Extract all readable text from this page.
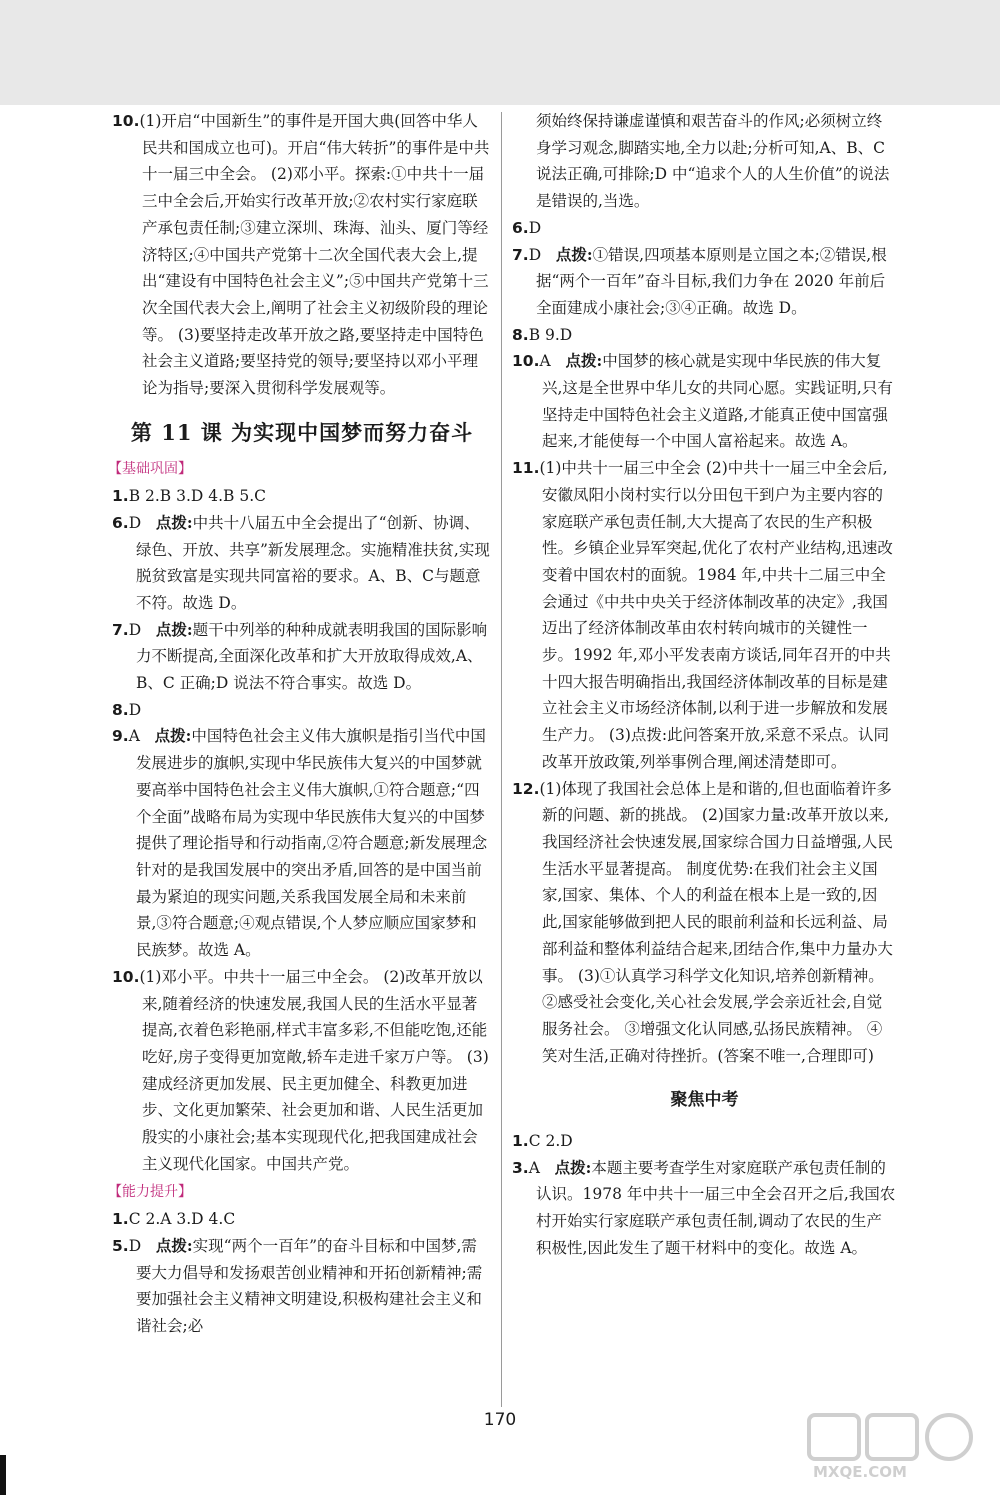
10.(1)开启“中国新生”的事件是开国大典(回答中华人民共和国成立也可)。开启“伟大转折”的事件是中共十一届三中全会。 (2)邓小平。探索:①中共十一届三中全会后,开始实行改革开放;②农村实行家庭联产承包责任制;③建立深圳、珠海、汕头、厦门等经济特区;④中国共产党第十二次全国代表大会上,提出“建设有中国特色社会主义”;⑤中国共产党第十三次全国代表大会上,阐明了社会主义初级阶段的理论等。 (3)要坚持走改革开放之路,要坚持走中国特色社会主义道路;要坚持党的领导;要坚持以邓小平理论为指导;要深入贯彻科学发展观等。

第 11 课 为实现中国梦而努力奋斗
【基础巩固】

1.B 2.B 3.D 4.B 5.C

6.D 点拨:中共十八届五中全会提出了“创新、协调、绿色、开放、共享”新发展理念。实施精准扶贫,实现脱贫致富是实现共同富裕的要求。A、B、C与题意不符。故选 D。

7.D 点拨:题干中列举的种种成就表明我国的国际影响力不断提高,全面深化改革和扩大开放取得成效,A、B、C 正确;D 说法不符合事实。故选 D。

8.D

9.A 点拨:中国特色社会主义伟大旗帜是指引当代中国发展进步的旗帜,实现中华民族伟大复兴的中国梦就要高举中国特色社会主义伟大旗帜,①符合题意;“四个全面”战略布局为实现中华民族伟大复兴的中国梦提供了理论指导和行动指南,②符合题意;新发展理念针对的是我国发展中的突出矛盾,回答的是中国当前最为紧迫的现实问题,关系我国发展全局和未来前景,③符合题意;④观点错误,个人梦应顺应国家梦和民族梦。故选 A。

10.(1)邓小平。中共十一届三中全会。 (2)改革开放以来,随着经济的快速发展,我国人民的生活水平显著提高,衣着色彩艳丽,样式丰富多彩,不但能吃饱,还能吃好,房子变得更加宽敞,轿车走进千家万户等。 (3)建成经济更加发展、民主更加健全、科教更加进步、文化更加繁荣、社会更加和谐、人民生活更加殷实的小康社会;基本实现现代化,把我国建成社会主义现代化国家。中国共产党。

【能力提升】

1.C 2.A 3.D 4.C

5.D 点拨:实现“两个一百年”的奋斗目标和中国梦,需要大力倡导和发扬艰苦创业精神和开拓创新精神;需要加强社会主义精神文明建设,积极构建社会主义和谐社会;必

须始终保持谦虚谨慎和艰苦奋斗的作风;必须树立终身学习观念,脚踏实地,全力以赴;分析可知,A、B、C 说法正确,可排除;D 中“追求个人的人生价值”的说法是错误的,当选。

6.D

7.D 点拨:①错误,四项基本原则是立国之本;②错误,根据“两个一百年”奋斗目标,我们力争在 2020 年前后全面建成小康社会;③④正确。故选 D。

8.B 9.D

10.A 点拨:中国梦的核心就是实现中华民族的伟大复兴,这是全世界中华儿女的共同心愿。实践证明,只有坚持走中国特色社会主义道路,才能真正使中国富强起来,才能使每一个中国人富裕起来。故选 A。

11.(1)中共十一届三中全会 (2)中共十一届三中全会后,安徽凤阳小岗村实行以分田包干到户为主要内容的家庭联产承包责任制,大大提高了农民的生产积极性。乡镇企业异军突起,优化了农村产业结构,迅速改变着中国农村的面貌。1984 年,中共十二届三中全会通过《中共中央关于经济体制改革的决定》,我国迈出了经济体制改革由农村转向城市的关键性一步。1992 年,邓小平发表南方谈话,同年召开的中共十四大报告明确指出,我国经济体制改革的目标是建立社会主义市场经济体制,以利于进一步解放和发展生产力。 (3)点拨:此问答案开放,采意不采点。认同改革开放政策,列举事例合理,阐述清楚即可。

12.(1)体现了我国社会总体上是和谐的,但也面临着许多新的问题、新的挑战。 (2)国家力量:改革开放以来,我国经济社会快速发展,国家综合国力日益增强,人民生活水平显著提高。 制度优势:在我们社会主义国家,国家、集体、个人的利益在根本上是一致的,因此,国家能够做到把人民的眼前利益和长远利益、局部利益和整体利益结合起来,团结合作,集中力量办大事。 (3)①认真学习科学文化知识,培养创新精神。 ②感受社会变化,关心社会发展,学会亲近社会,自觉服务社会。 ③增强文化认同感,弘扬民族精神。 ④笑对生活,正确对待挫折。(答案不唯一,合理即可)

聚焦中考

1.C 2.D

3.A 点拨:本题主要考查学生对家庭联产承包责任制的认识。1978 年中共十一届三中全会召开之后,我国农村开始实行家庭联产承包责任制,调动了农民的生产积极性,因此发生了题干材料中的变化。故选 A。

170
MXQE.COM
